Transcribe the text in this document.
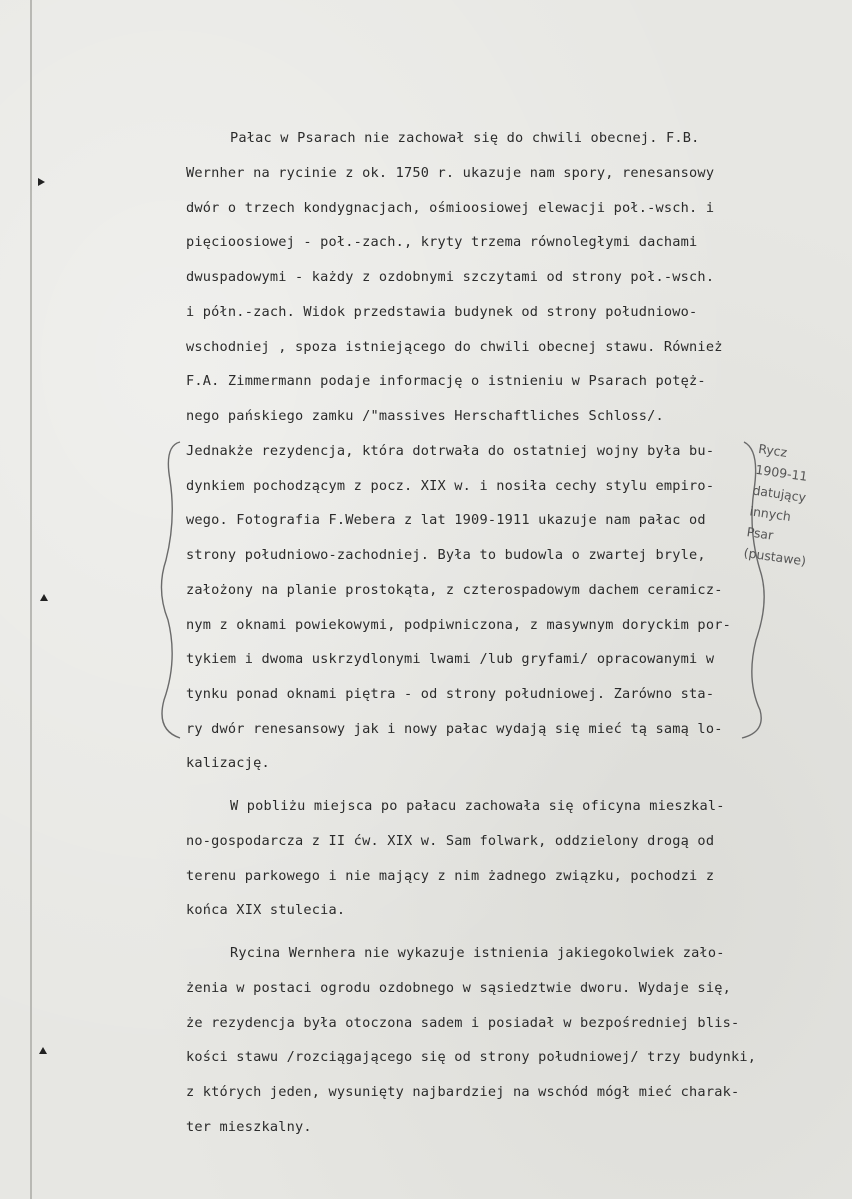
Pałac w Psarach nie zachował się do chwili obecnej. F.B.
Wernher na rycinie z ok. 1750 r. ukazuje nam spory, renesansowy
dwór o trzech kondygnacjach, ośmioosiowej elewacji poł.-wsch. i
pięcioosiowej - poł.-zach., kryty trzema równoległymi dachami
dwuspadowymi - każdy z ozdobnymi szczytami od strony poł.-wsch.
i półn.-zach. Widok przedstawia budynek od strony południowo-
wschodniej , spoza istniejącego do chwili obecnej stawu. Również
F.A. Zimmermann podaje informację o istnieniu w Psarach potęż-
nego pańskiego zamku /"massives Herschaftliches Schloss/.
Jednakże rezydencja, która dotrwała do ostatniej wojny była bu-
dynkiem pochodzącym z pocz. XIX w. i nosiła cechy stylu empiro-
wego. Fotografia F.Webera z lat 1909-1911 ukazuje nam pałac od
strony południowo-zachodniej. Była to budowla o zwartej bryle,
założony na planie prostokąta, z czterospadowym dachem ceramicz-
nym z oknami powiekowymi, podpiwniczona, z masywnym doryckim por-
tykiem i dwoma uskrzydlonymi lwami /lub gryfami/ opracowanymi w
tynku ponad oknami piętra - od strony południowej. Zarówno sta-
ry dwór renesansowy jak i nowy pałac wydają się mieć tą samą lo-
kalizację.
W pobliżu miejsca po pałacu zachowała się oficyna mieszkal-
no-gospodarcza z II ćw. XIX w. Sam folwark, oddzielony drogą od
terenu parkowego i nie mający z nim żadnego związku, pochodzi z
końca XIX stulecia.
Rycina Wernhera nie wykazuje istnienia jakiegokolwiek zało-
żenia w postaci ogrodu ozdobnego w sąsiedztwie dworu. Wydaje się,
że rezydencja była otoczona sadem i posiadał w bezpośredniej blis-
kości stawu /rozciągającego się od strony południowej/ trzy budynki,
z których jeden, wysunięty najbardziej na wschód mógł mieć charak-
ter mieszkalny.
Rycz
1909-11
datujący
innych
Psar
(pustawe)
